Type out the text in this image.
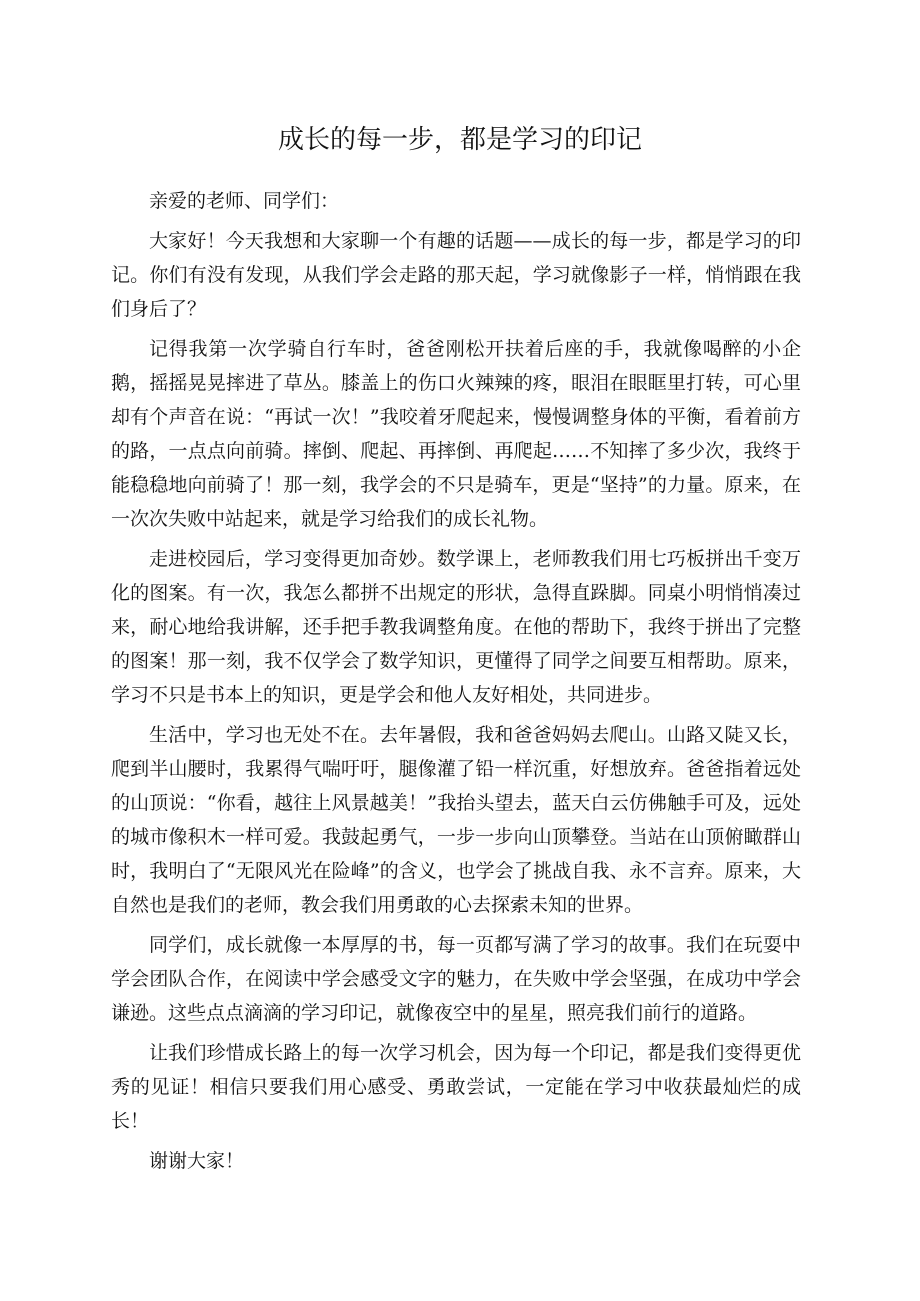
成长的每一步，都是学习的印记

亲爱的老师、同学们：

大家好！今天我想和大家聊一个有趣的话题——成长的每一步，都是学习的印记。你们有没有发现，从我们学会走路的那天起，学习就像影子一样，悄悄跟在我们身后了？

记得我第一次学骑自行车时，爸爸刚松开扶着后座的手，我就像喝醉的小企鹅，摇摇晃晃摔进了草丛。膝盖上的伤口火辣辣的疼，眼泪在眼眶里打转，可心里却有个声音在说：“再试一次！”我咬着牙爬起来，慢慢调整身体的平衡，看着前方的路，一点点向前骑。摔倒、爬起、再摔倒、再爬起……不知摔了多少次，我终于能稳稳地向前骑了！那一刻，我学会的不只是骑车，更是“坚持”的力量。原来，在一次次失败中站起来，就是学习给我们的成长礼物。

走进校园后，学习变得更加奇妙。数学课上，老师教我们用七巧板拼出千变万化的图案。有一次，我怎么都拼不出规定的形状，急得直跺脚。同桌小明悄悄凑过来，耐心地给我讲解，还手把手教我调整角度。在他的帮助下，我终于拼出了完整的图案！那一刻，我不仅学会了数学知识，更懂得了同学之间要互相帮助。原来，学习不只是书本上的知识，更是学会和他人友好相处，共同进步。

生活中，学习也无处不在。去年暑假，我和爸爸妈妈去爬山。山路又陡又长，爬到半山腰时，我累得气喘吁吁，腿像灌了铅一样沉重，好想放弃。爸爸指着远处的山顶说：“你看，越往上风景越美！”我抬头望去，蓝天白云仿佛触手可及，远处的城市像积木一样可爱。我鼓起勇气，一步一步向山顶攀登。当站在山顶俯瞰群山时，我明白了“无限风光在险峰”的含义，也学会了挑战自我、永不言弃。原来，大自然也是我们的老师，教会我们用勇敢的心去探索未知的世界。

同学们，成长就像一本厚厚的书，每一页都写满了学习的故事。我们在玩耍中学会团队合作，在阅读中学会感受文字的魅力，在失败中学会坚强，在成功中学会谦逊。这些点点滴滴的学习印记，就像夜空中的星星，照亮我们前行的道路。

让我们珍惜成长路上的每一次学习机会，因为每一个印记，都是我们变得更优秀的见证！相信只要我们用心感受、勇敢尝试，一定能在学习中收获最灿烂的成长！

谢谢大家！
